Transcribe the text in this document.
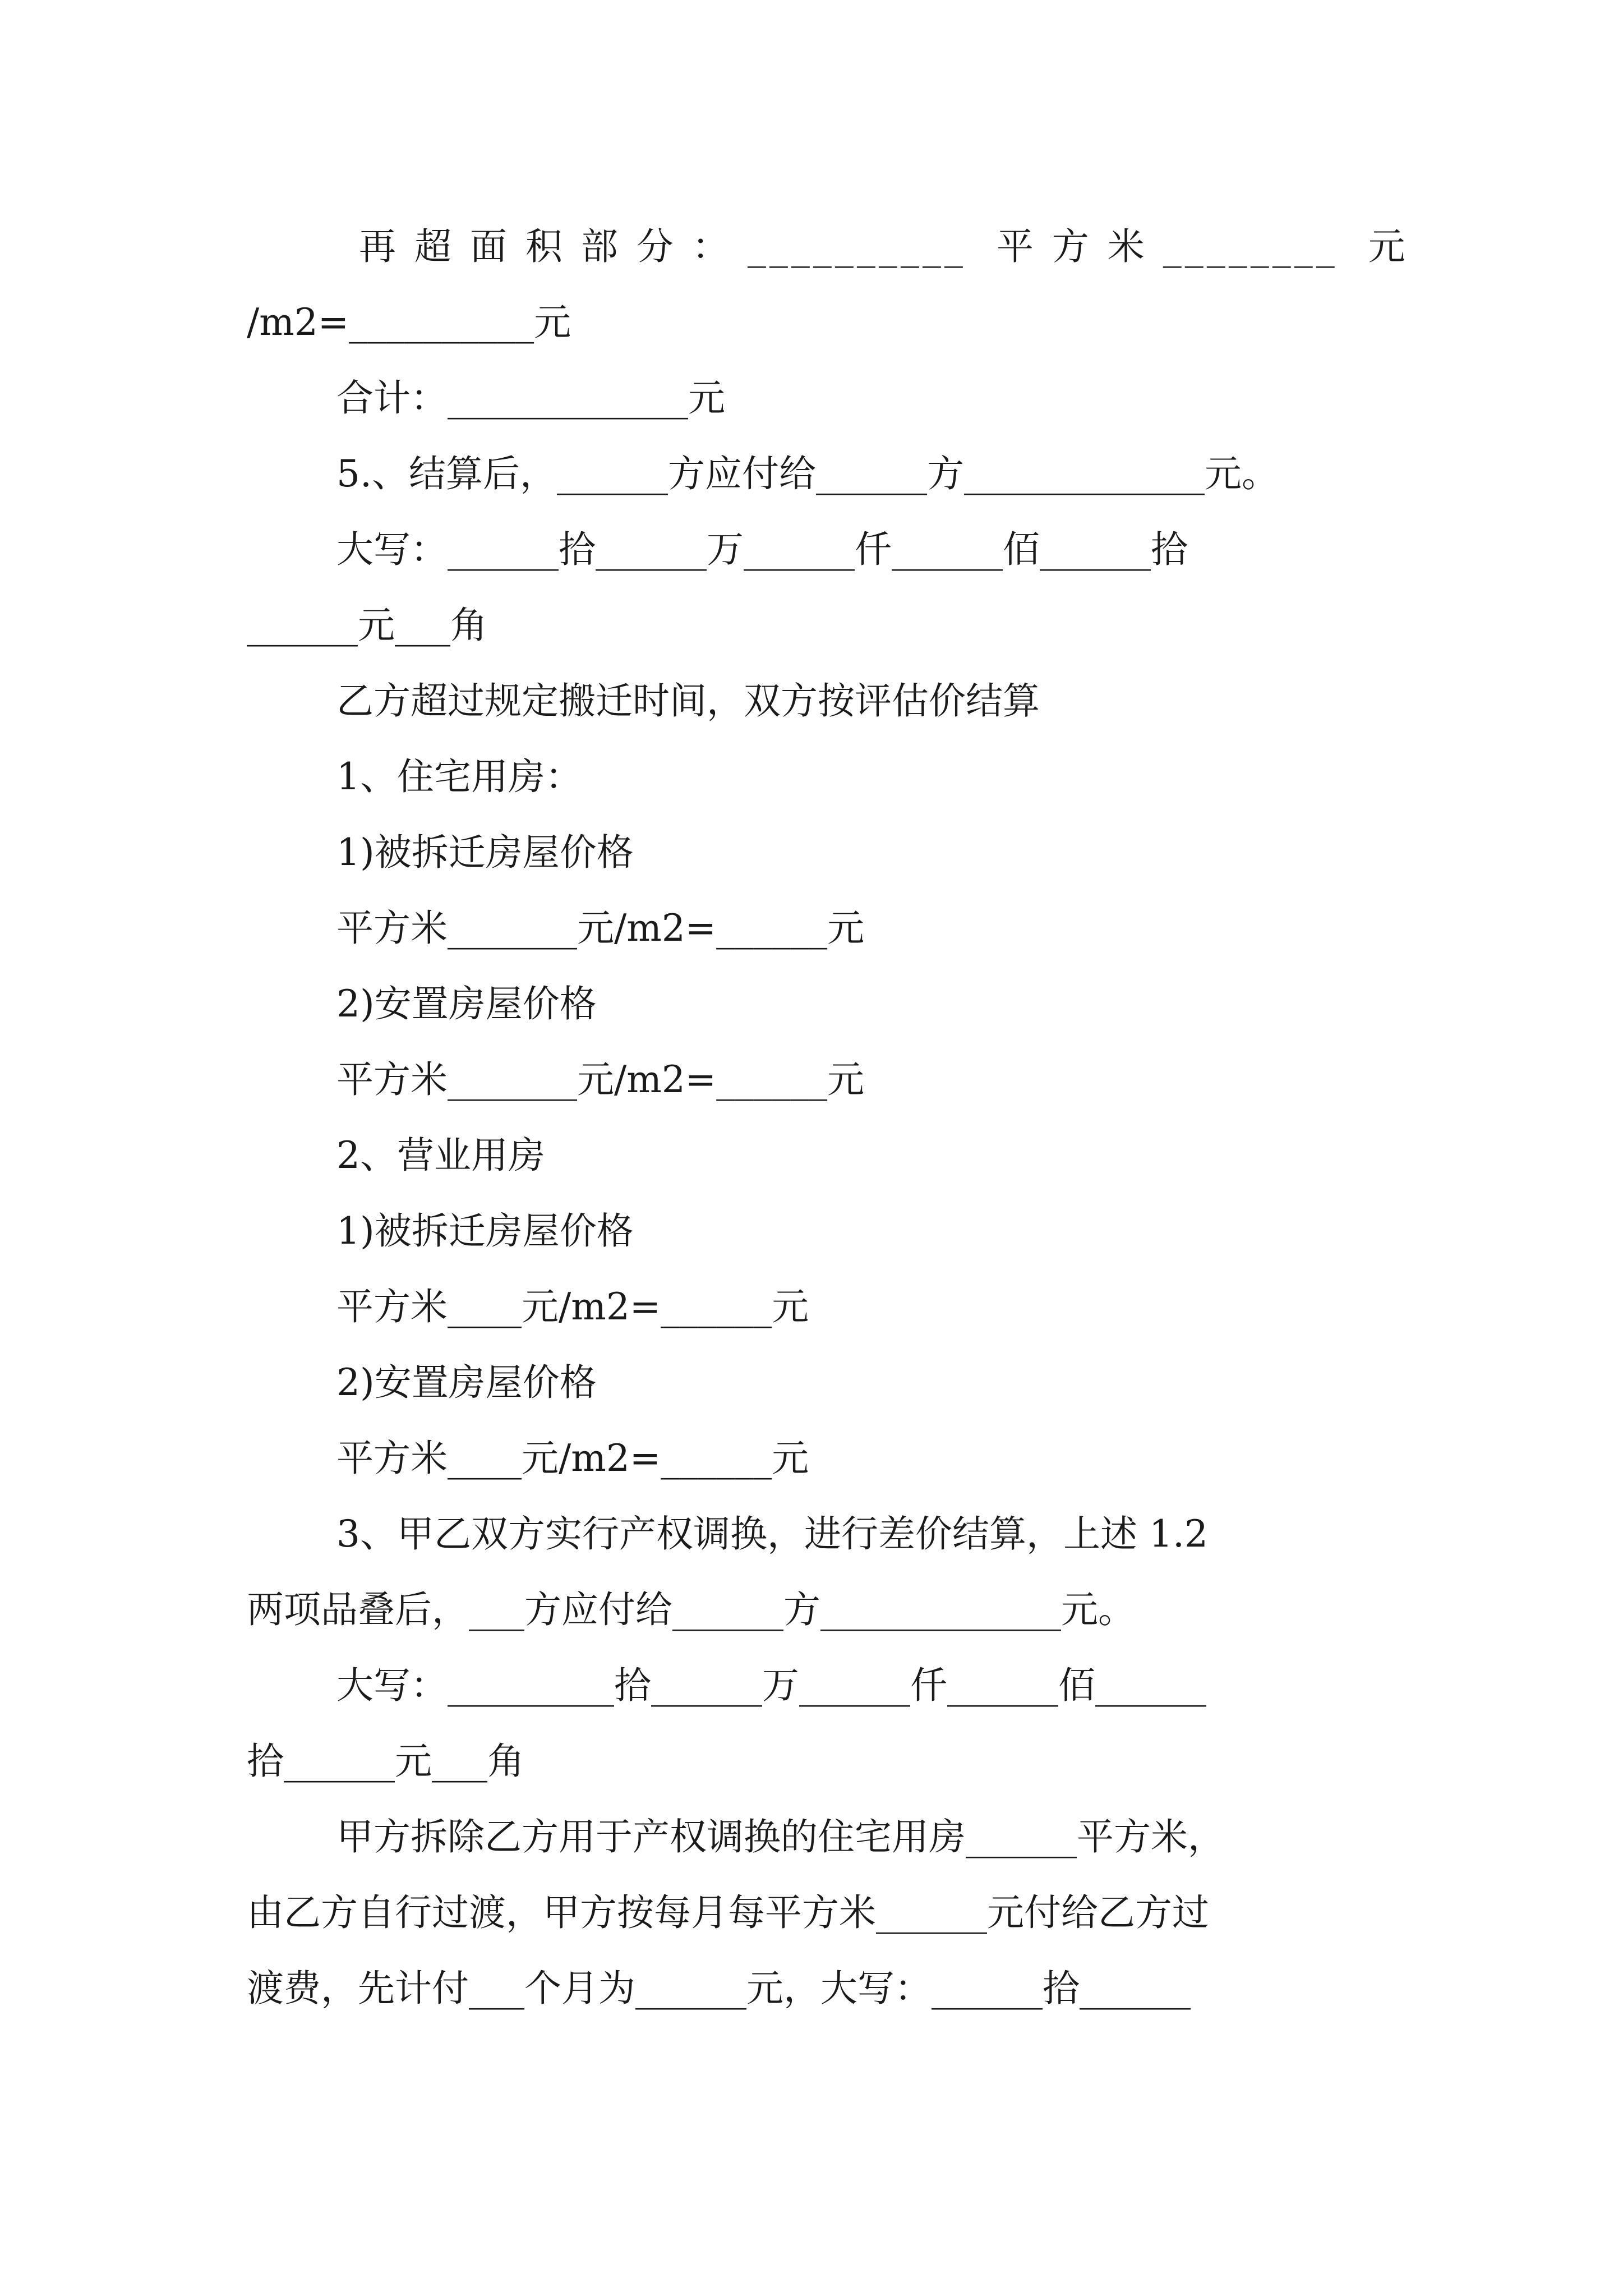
再 超 面 积 部 分 ： __________  平 方 米 ________  元

/m2=__________元

合计：_____________元

5.、结算后，______方应付给______方_____________元。

大写：______拾______万______仟______佰______拾

______元___角

乙方超过规定搬迁时间，双方按评估价结算

1、住宅用房：

1)被拆迁房屋价格

平方米_______元/m2=______元

2)安置房屋价格

平方米_______元/m2=______元

2、营业用房

1)被拆迁房屋价格

平方米____元/m2=______元

2)安置房屋价格

平方米____元/m2=______元

3、甲乙双方实行产权调换，进行差价结算，上述 1.2

两项品叠后，___方应付给______方_____________元。

大写：_________拾______万______仟______佰______

拾______元___角

甲方拆除乙方用于产权调换的住宅用房______平方米，

由乙方自行过渡，甲方按每月每平方米______元付给乙方过

渡费，先计付___个月为______元，大写：______拾______
